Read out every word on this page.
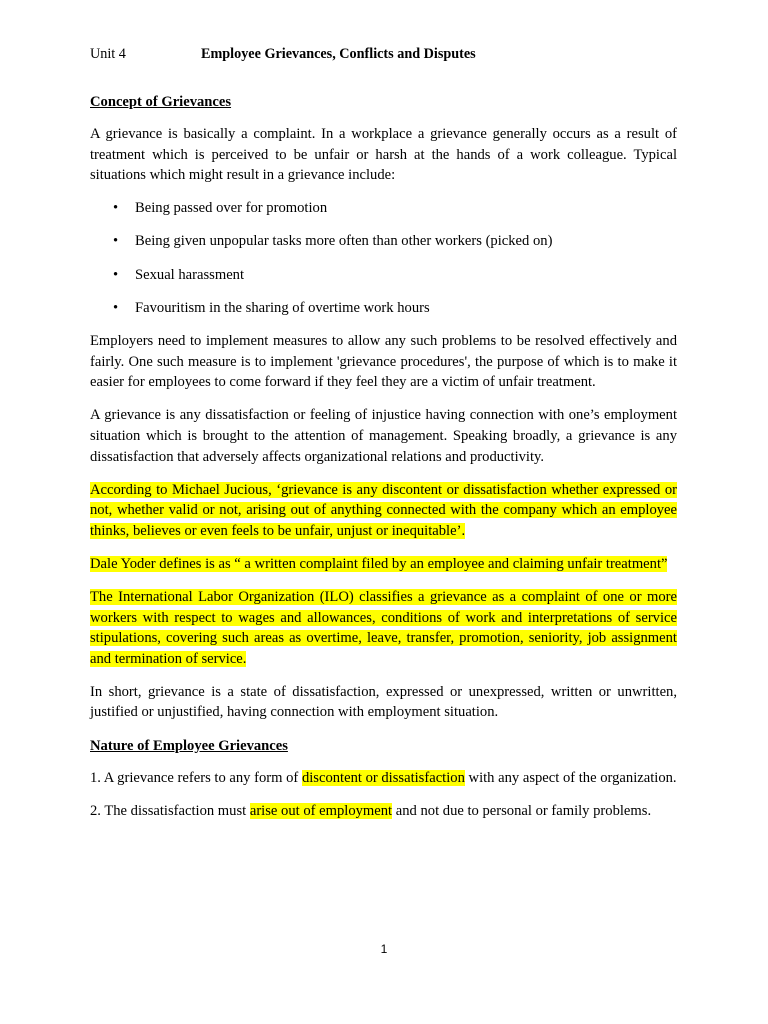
Unit 4	Employee Grievances, Conflicts and Disputes
Concept of Grievances

A grievance is basically a complaint. In a workplace a grievance generally occurs as a result of treatment which is perceived to be unfair or harsh at the hands of a work colleague. Typical situations which might result in a grievance include:

• Being passed over for promotion
• Being given unpopular tasks more often than other workers (picked on)
• Sexual harassment
• Favouritism in the sharing of overtime work hours

Employers need to implement measures to allow any such problems to be resolved effectively and fairly. One such measure is to implement 'grievance procedures', the purpose of which is to make it easier for employees to come forward if they feel they are a victim of unfair treatment.

A grievance is any dissatisfaction or feeling of injustice having connection with one’s employment situation which is brought to the attention of management. Speaking broadly, a grievance is any dissatisfaction that adversely affects organizational relations and productivity.

According to Michael Jucious, ‘grievance is any discontent or dissatisfaction whether expressed or not, whether valid or not, arising out of anything connected with the company which an employee thinks, believes or even feels to be unfair, unjust or inequitable’.

Dale Yoder defines is as “ a written complaint filed by an employee and claiming unfair treatment”

The International Labor Organization (ILO) classifies a grievance as a complaint of one or more workers with respect to wages and allowances, conditions of work and interpretations of service stipulations, covering such areas as overtime, leave, transfer, promotion, seniority, job assignment and termination of service.

In short, grievance is a state of dissatisfaction, expressed or unexpressed, written or unwritten, justified or unjustified, having connection with employment situation.

Nature of Employee Grievances

1. A grievance refers to any form of discontent or dissatisfaction with any aspect of the organization.

2. The dissatisfaction must arise out of employment and not due to personal or family problems.

1
